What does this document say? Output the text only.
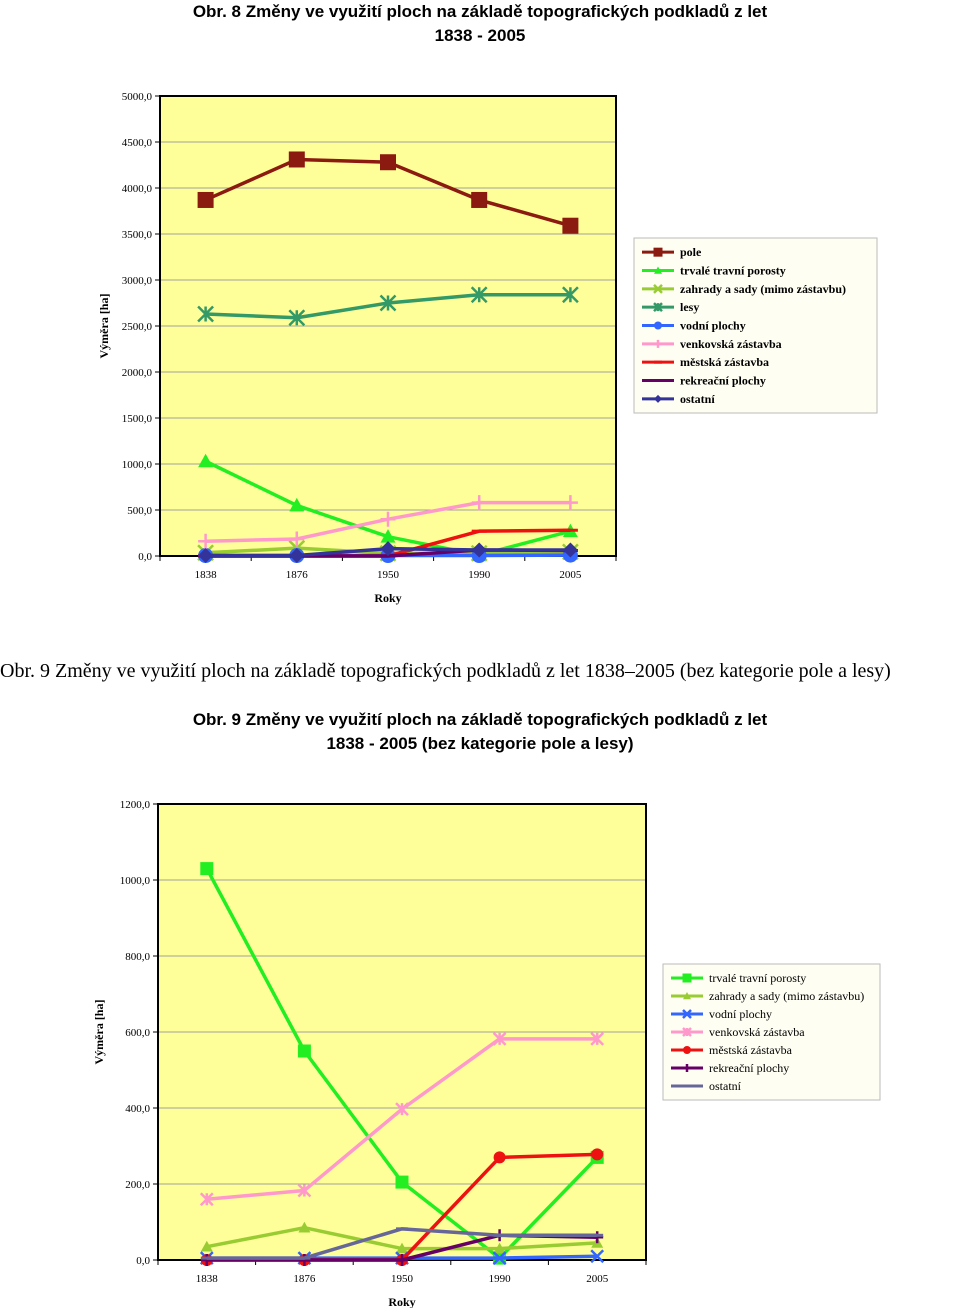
Obr. 8 Změny ve využití ploch na základě topografických podkladů z let
1838 - 2005
0,0
500,0
1000,0
1500,0
2000,0
2500,0
3000,0
3500,0
4000,0
4500,0
5000,0
1838	1876	1950	1990	2005
Roky
Výměra [ha]
pole
trvalé travní porosty
zahrady a sady (mimo zástavbu)
lesy
vodní plochy
venkovská zástavba
městská zástavba
rekreační plochy
ostatní
Obr. 9 Změny ve využití ploch na základě topografických podkladů z let 1838–2005 (bez kategorie pole a lesy)
Obr. 9 Změny ve využití ploch na základě topografických podkladů z let
1838 - 2005 (bez kategorie pole a lesy)
0,0
200,0
400,0
600,0
800,0
1000,0
1200,0
1838	1876	1950	1990	2005
Roky
Výměra [ha]
trvalé travní porosty
zahrady a sady (mimo zástavbu)
vodní plochy
venkovská zástavba
městská zástavba
rekreační plochy
ostatní
